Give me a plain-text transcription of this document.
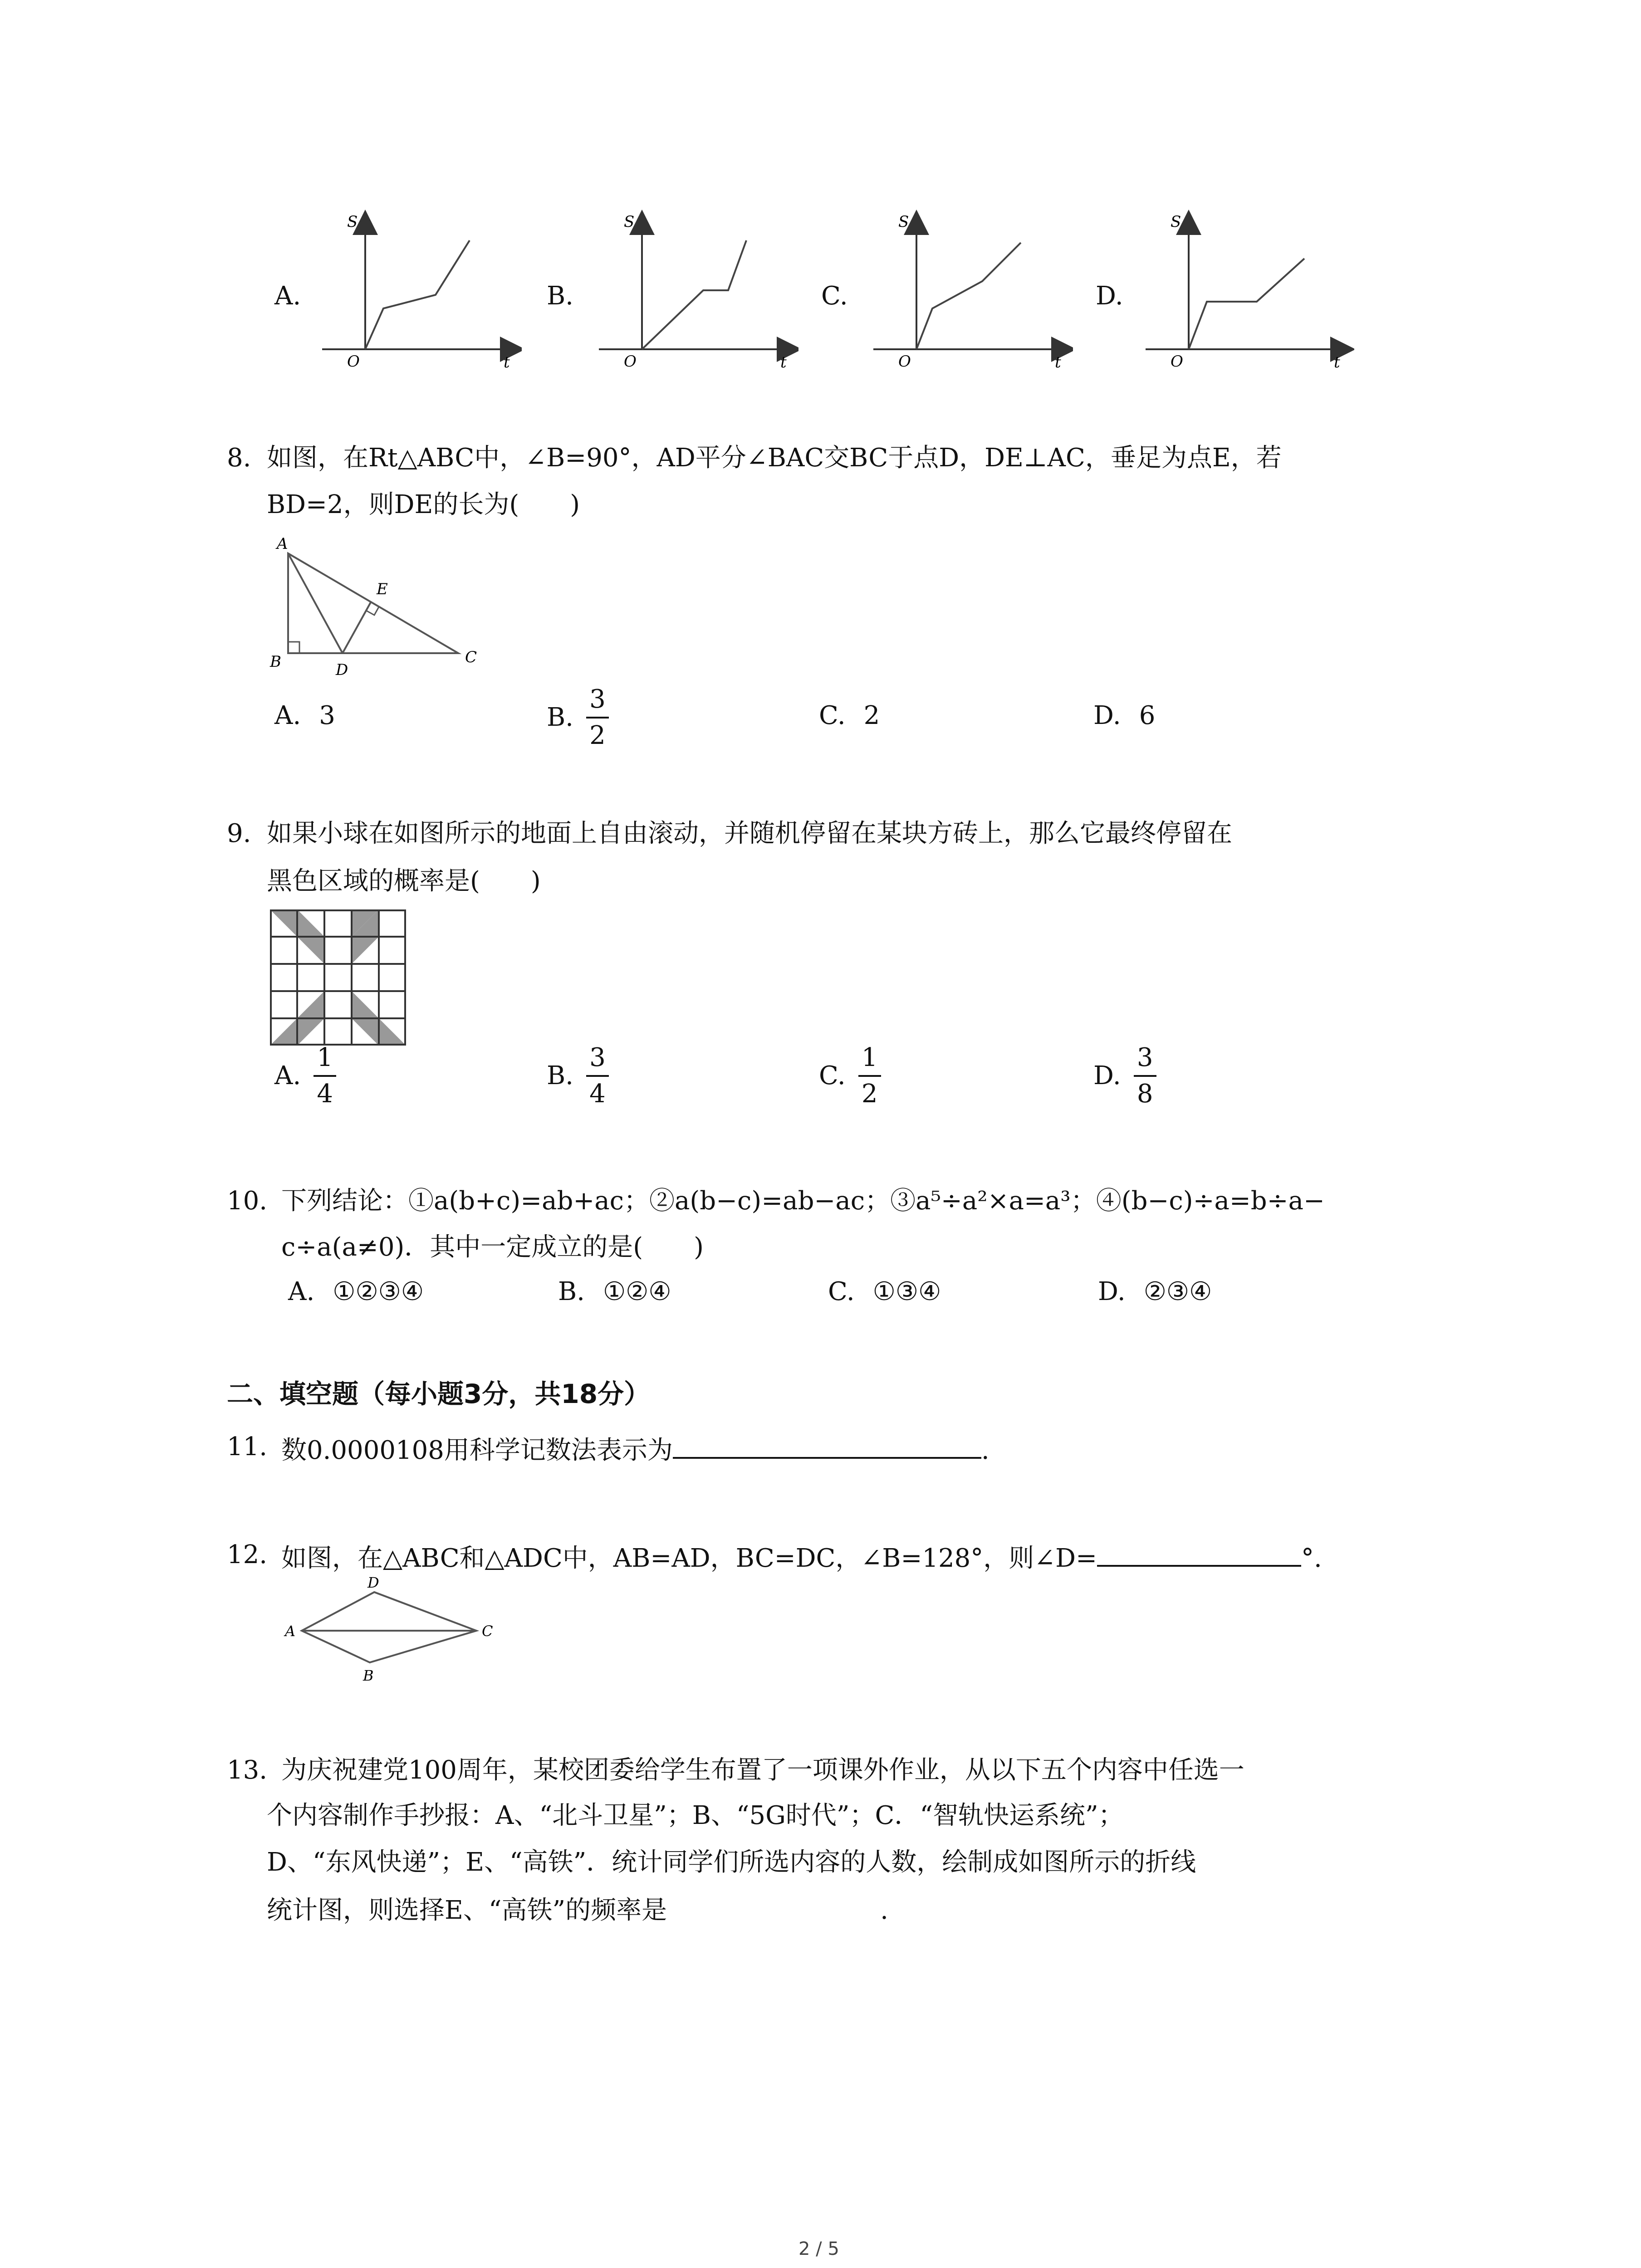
A.
S
t
O
B.
S
t
O
C.
S
t
O
D.
S
t
O
8. 如图，在Rt△ABC中，∠B=90°，AD平分∠BAC交BC于点D，DE⊥AC，垂足为点E，若
BD=2，则DE的长为(　　)
A
B	C
D
E
A. 3	B. $\frac{3}{2}$	C. 2	D. 6
9. 如果小球在如图所示的地面上自由滚动，并随机停留在某块方砖上，那么它最终停留在
黑色区域的概率是(　　)
A. $\frac{1}{4}$	B. $\frac{3}{4}$	C. $\frac{1}{2}$	D. $\frac{3}{8}$
10. 下列结论：①a(b+c)=ab+ac；②a(b−c)=ab−ac；③a⁵÷a²×a=a³；④(b−c)÷a=b÷a−
c÷a(a≠0)．其中一定成立的是(　　)
A. ①②③④	B. ①②④	C. ①③④	D. ②③④
二、填空题（每小题3分，共18分）
11. 数0.0000108用科学记数法表示为	.
12. 如图，在△ABC和△ADC中，AB=AD，BC=DC，∠B=128°，则∠D=	°.
A
D
C
B
13. 为庆祝建党100周年，某校团委给学生布置了一项课外作业，从以下五个内容中任选一
个内容制作手抄报：A、“北斗卫星”；B、“5G时代”；C．“智轨快运系统”；
D、“东风快递”；E、“高铁”．统计同学们所选内容的人数，绘制成如图所示的折线
统计图，则选择E、“高铁”的频率是	.
2 / 5
